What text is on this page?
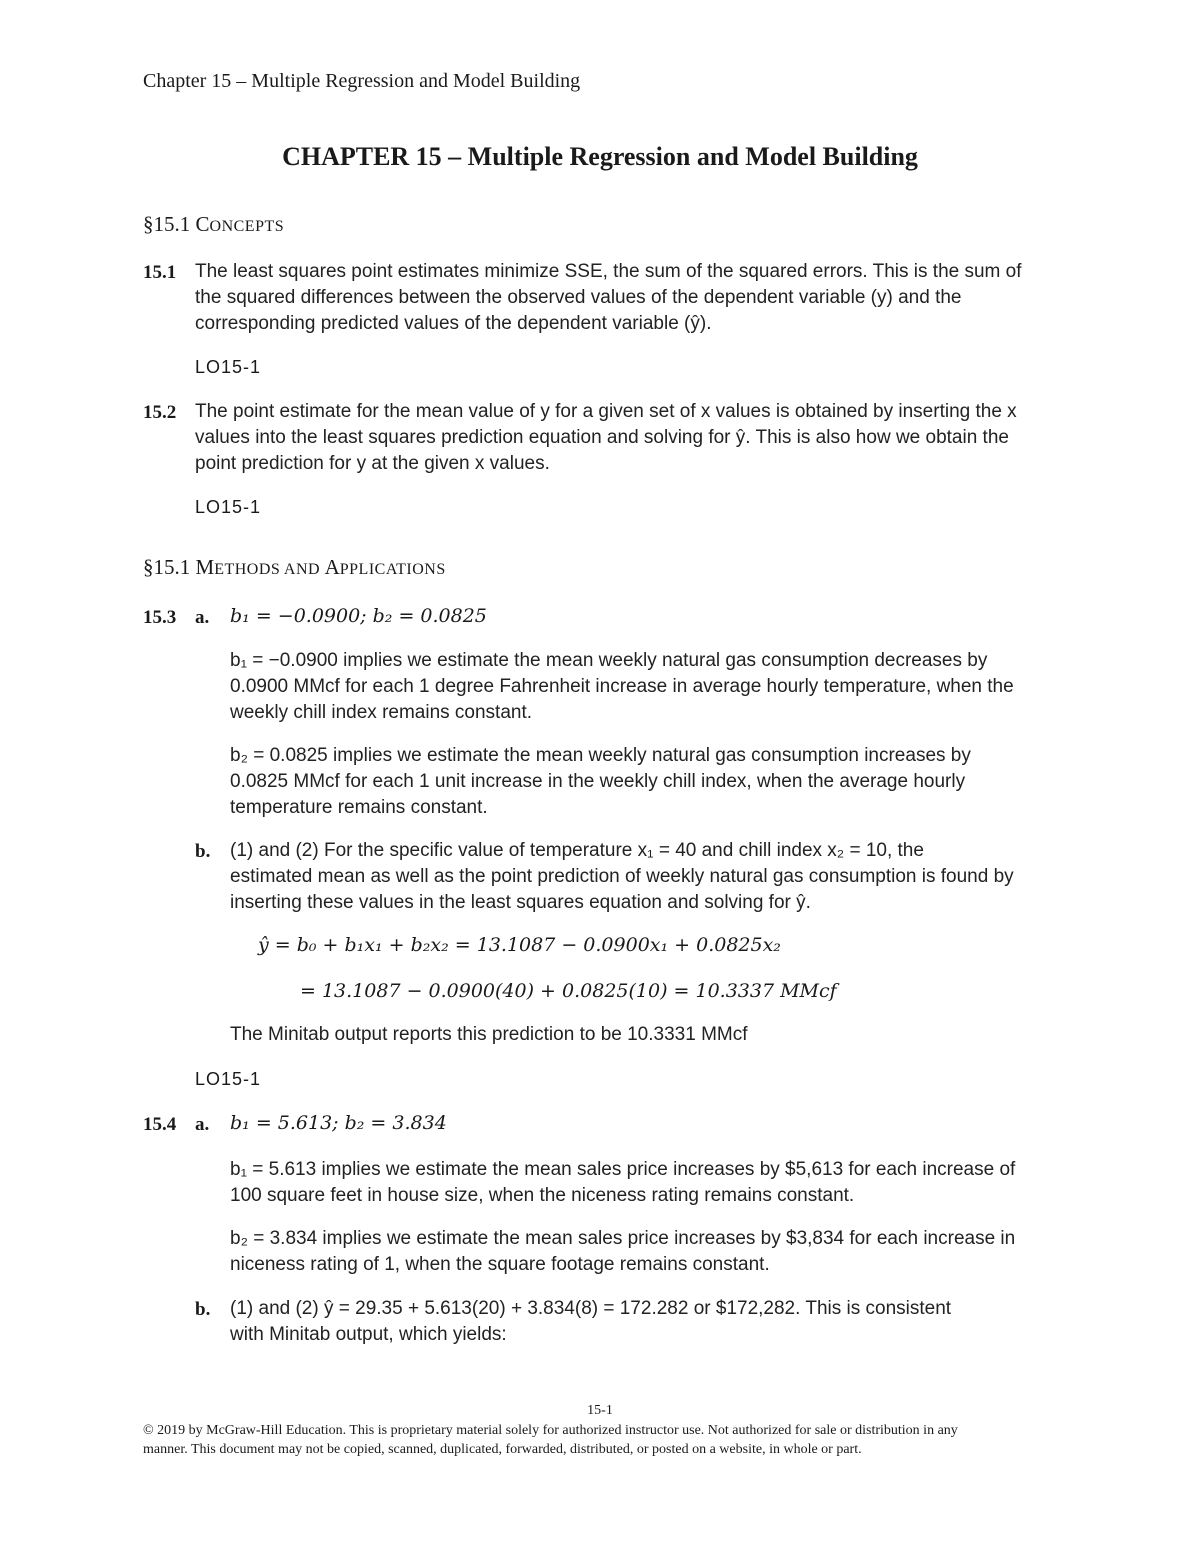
Chapter 15 – Multiple Regression and Model Building
CHAPTER 15 – Multiple Regression and Model Building
§15.1 CONCEPTS
15.1 The least squares point estimates minimize SSE, the sum of the squared errors. This is the sum of
the squared differences between the observed values of the dependent variable (y) and the
corresponding predicted values of the dependent variable (ŷ).
LO15-1
15.2 The point estimate for the mean value of y for a given set of x values is obtained by inserting the x
values into the least squares prediction equation and solving for ŷ. This is also how we obtain the
point prediction for y at the given x values.
LO15-1
§15.1 METHODS AND APPLICATIONS
15.3 a. b₁ = −0.0900; b₂ = 0.0825
b₁ = −0.0900 implies we estimate the mean weekly natural gas consumption decreases by
0.0900 MMcf for each 1 degree Fahrenheit increase in average hourly temperature, when the
weekly chill index remains constant.
b₂ = 0.0825 implies we estimate the mean weekly natural gas consumption increases by
0.0825 MMcf for each 1 unit increase in the weekly chill index, when the average hourly
temperature remains constant.
b. (1) and (2) For the specific value of temperature x₁ = 40 and chill index x₂ = 10, the
estimated mean as well as the point prediction of weekly natural gas consumption is found by
inserting these values in the least squares equation and solving for ŷ.
ŷ = b₀ + b₁x₁ + b₂x₂ = 13.1087 − 0.0900x₁ + 0.0825x₂
= 13.1087 − 0.0900(40) + 0.0825(10) = 10.3337 MMcf
The Minitab output reports this prediction to be 10.3331 MMcf
LO15-1
15.4 a. b₁ = 5.613; b₂ = 3.834
b₁ = 5.613 implies we estimate the mean sales price increases by $5,613 for each increase of
100 square feet in house size, when the niceness rating remains constant.
b₂ = 3.834 implies we estimate the mean sales price increases by $3,834 for each increase in
niceness rating of 1, when the square footage remains constant.
b. (1) and (2) ŷ = 29.35 + 5.613(20) + 3.834(8) = 172.282 or $172,282. This is consistent
with Minitab output, which yields:
15-1
© 2019 by McGraw-Hill Education. This is proprietary material solely for authorized instructor use. Not authorized for sale or distribution in any
manner. This document may not be copied, scanned, duplicated, forwarded, distributed, or posted on a website, in whole or part.
